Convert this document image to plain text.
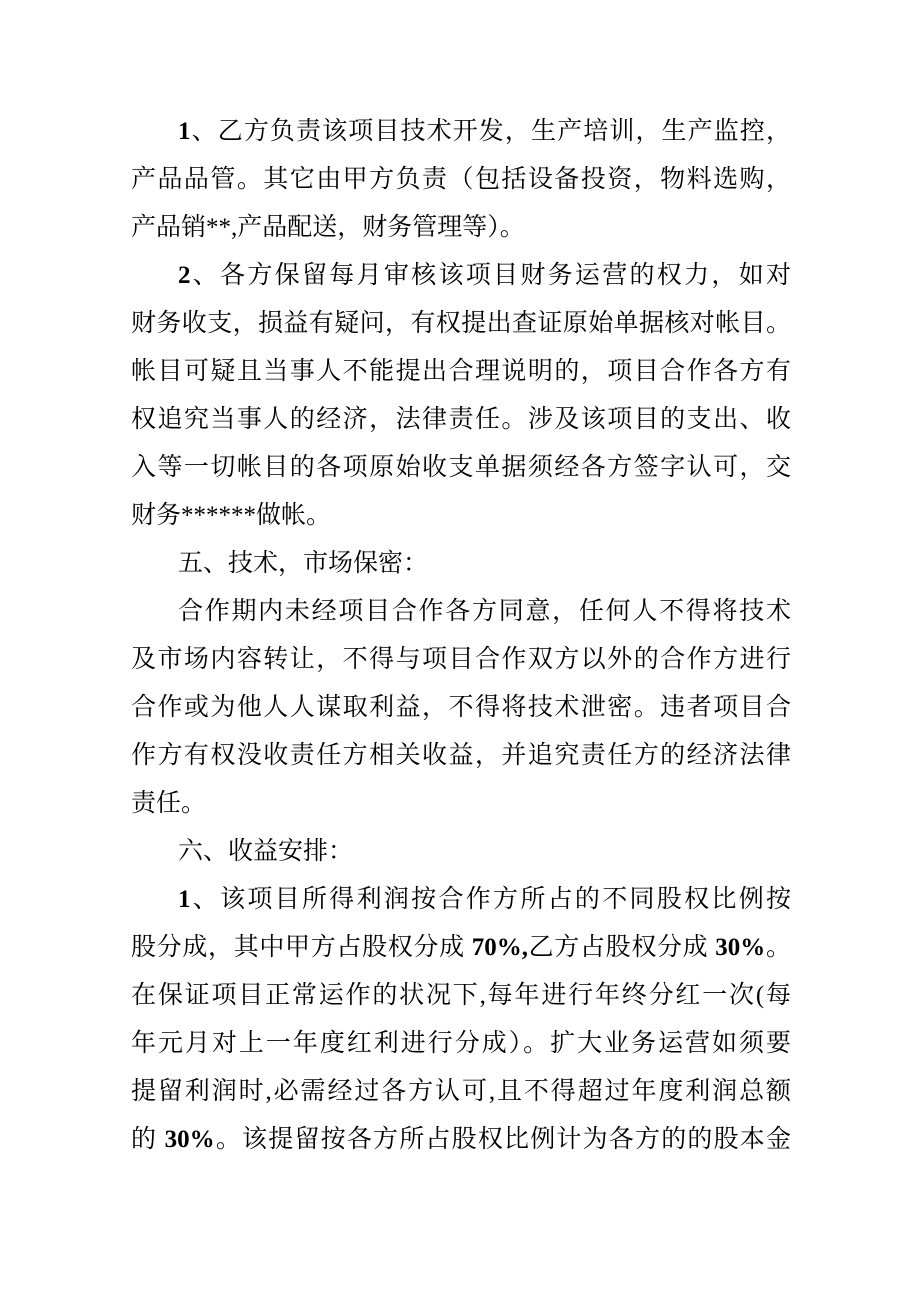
1、乙方负责该项目技术开发，生产培训，生产监控，
产品品管。其它由甲方负责（包括设备投资，物料选购，
产品销**,产品配送，财务管理等）。
2、各方保留每月审核该项目财务运营的权力，如对
财务收支，损益有疑问，有权提出查证原始单据核对帐目。
帐目可疑且当事人不能提出合理说明的，项目合作各方有
权追究当事人的经济，法律责任。涉及该项目的支出、收
入等一切帐目的各项原始收支单据须经各方签字认可，交
财务******做帐。
五、技术，市场保密：
合作期内未经项目合作各方同意，任何人不得将技术
及市场内容转让，不得与项目合作双方以外的合作方进行
合作或为他人人谋取利益，不得将技术泄密。违者项目合
作方有权没收责任方相关收益，并追究责任方的经济法律
责任。
六、收益安排：
1、该项目所得利润按合作方所占的不同股权比例按
股分成，其中甲方占股权分成 70%,乙方占股权分成 30%。
在保证项目正常运作的状况下,每年进行年终分红一次(每
年元月对上一年度红利进行分成）。扩大业务运营如须要
提留利润时,必需经过各方认可,且不得超过年度利润总额
的 30%。该提留按各方所占股权比例计为各方的的股本金
